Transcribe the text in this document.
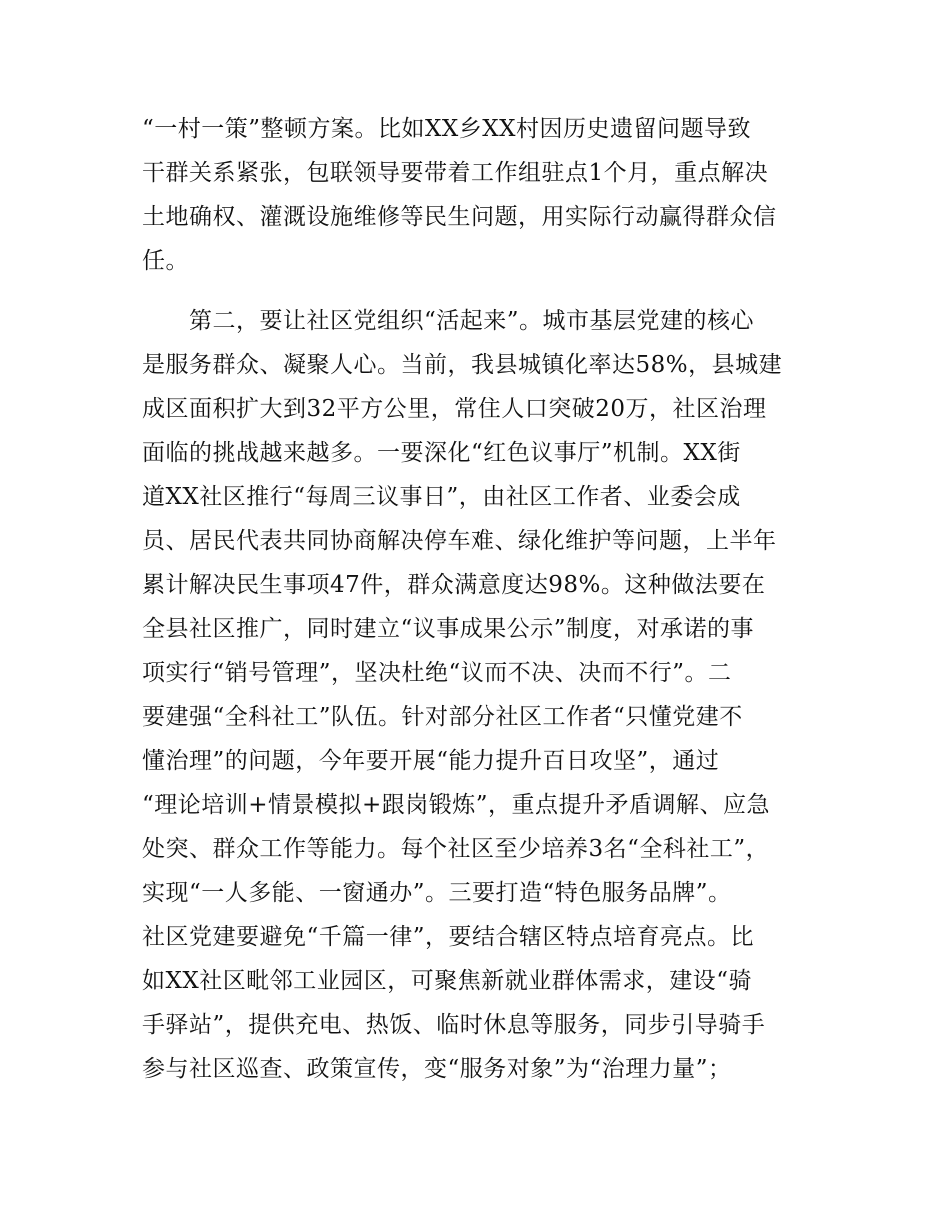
“一村一策”整顿方案。比如XX乡XX村因历史遗留问题导致
干群关系紧张，包联领导要带着工作组驻点1个月，重点解决
土地确权、灌溉设施维修等民生问题，用实际行动赢得群众信
任。
　　第二，要让社区党组织“活起来”。城市基层党建的核心
是服务群众、凝聚人心。当前，我县城镇化率达58%，县城建
成区面积扩大到32平方公里，常住人口突破20万，社区治理
面临的挑战越来越多。一要深化“红色议事厅”机制。XX街
道XX社区推行“每周三议事日”，由社区工作者、业委会成
员、居民代表共同协商解决停车难、绿化维护等问题，上半年
累计解决民生事项47件，群众满意度达98%。这种做法要在
全县社区推广，同时建立“议事成果公示”制度，对承诺的事
项实行“销号管理”，坚决杜绝“议而不决、决而不行”。二
要建强“全科社工”队伍。针对部分社区工作者“只懂党建不
懂治理”的问题，今年要开展“能力提升百日攻坚”，通过
“理论培训+情景模拟+跟岗锻炼”，重点提升矛盾调解、应急
处突、群众工作等能力。每个社区至少培养3名“全科社工”，
实现“一人多能、一窗通办”。三要打造“特色服务品牌”。
社区党建要避免“千篇一律”，要结合辖区特点培育亮点。比
如XX社区毗邻工业园区，可聚焦新就业群体需求，建设“骑
手驿站”，提供充电、热饭、临时休息等服务，同步引导骑手
参与社区巡查、政策宣传，变“服务对象”为“治理力量”；
